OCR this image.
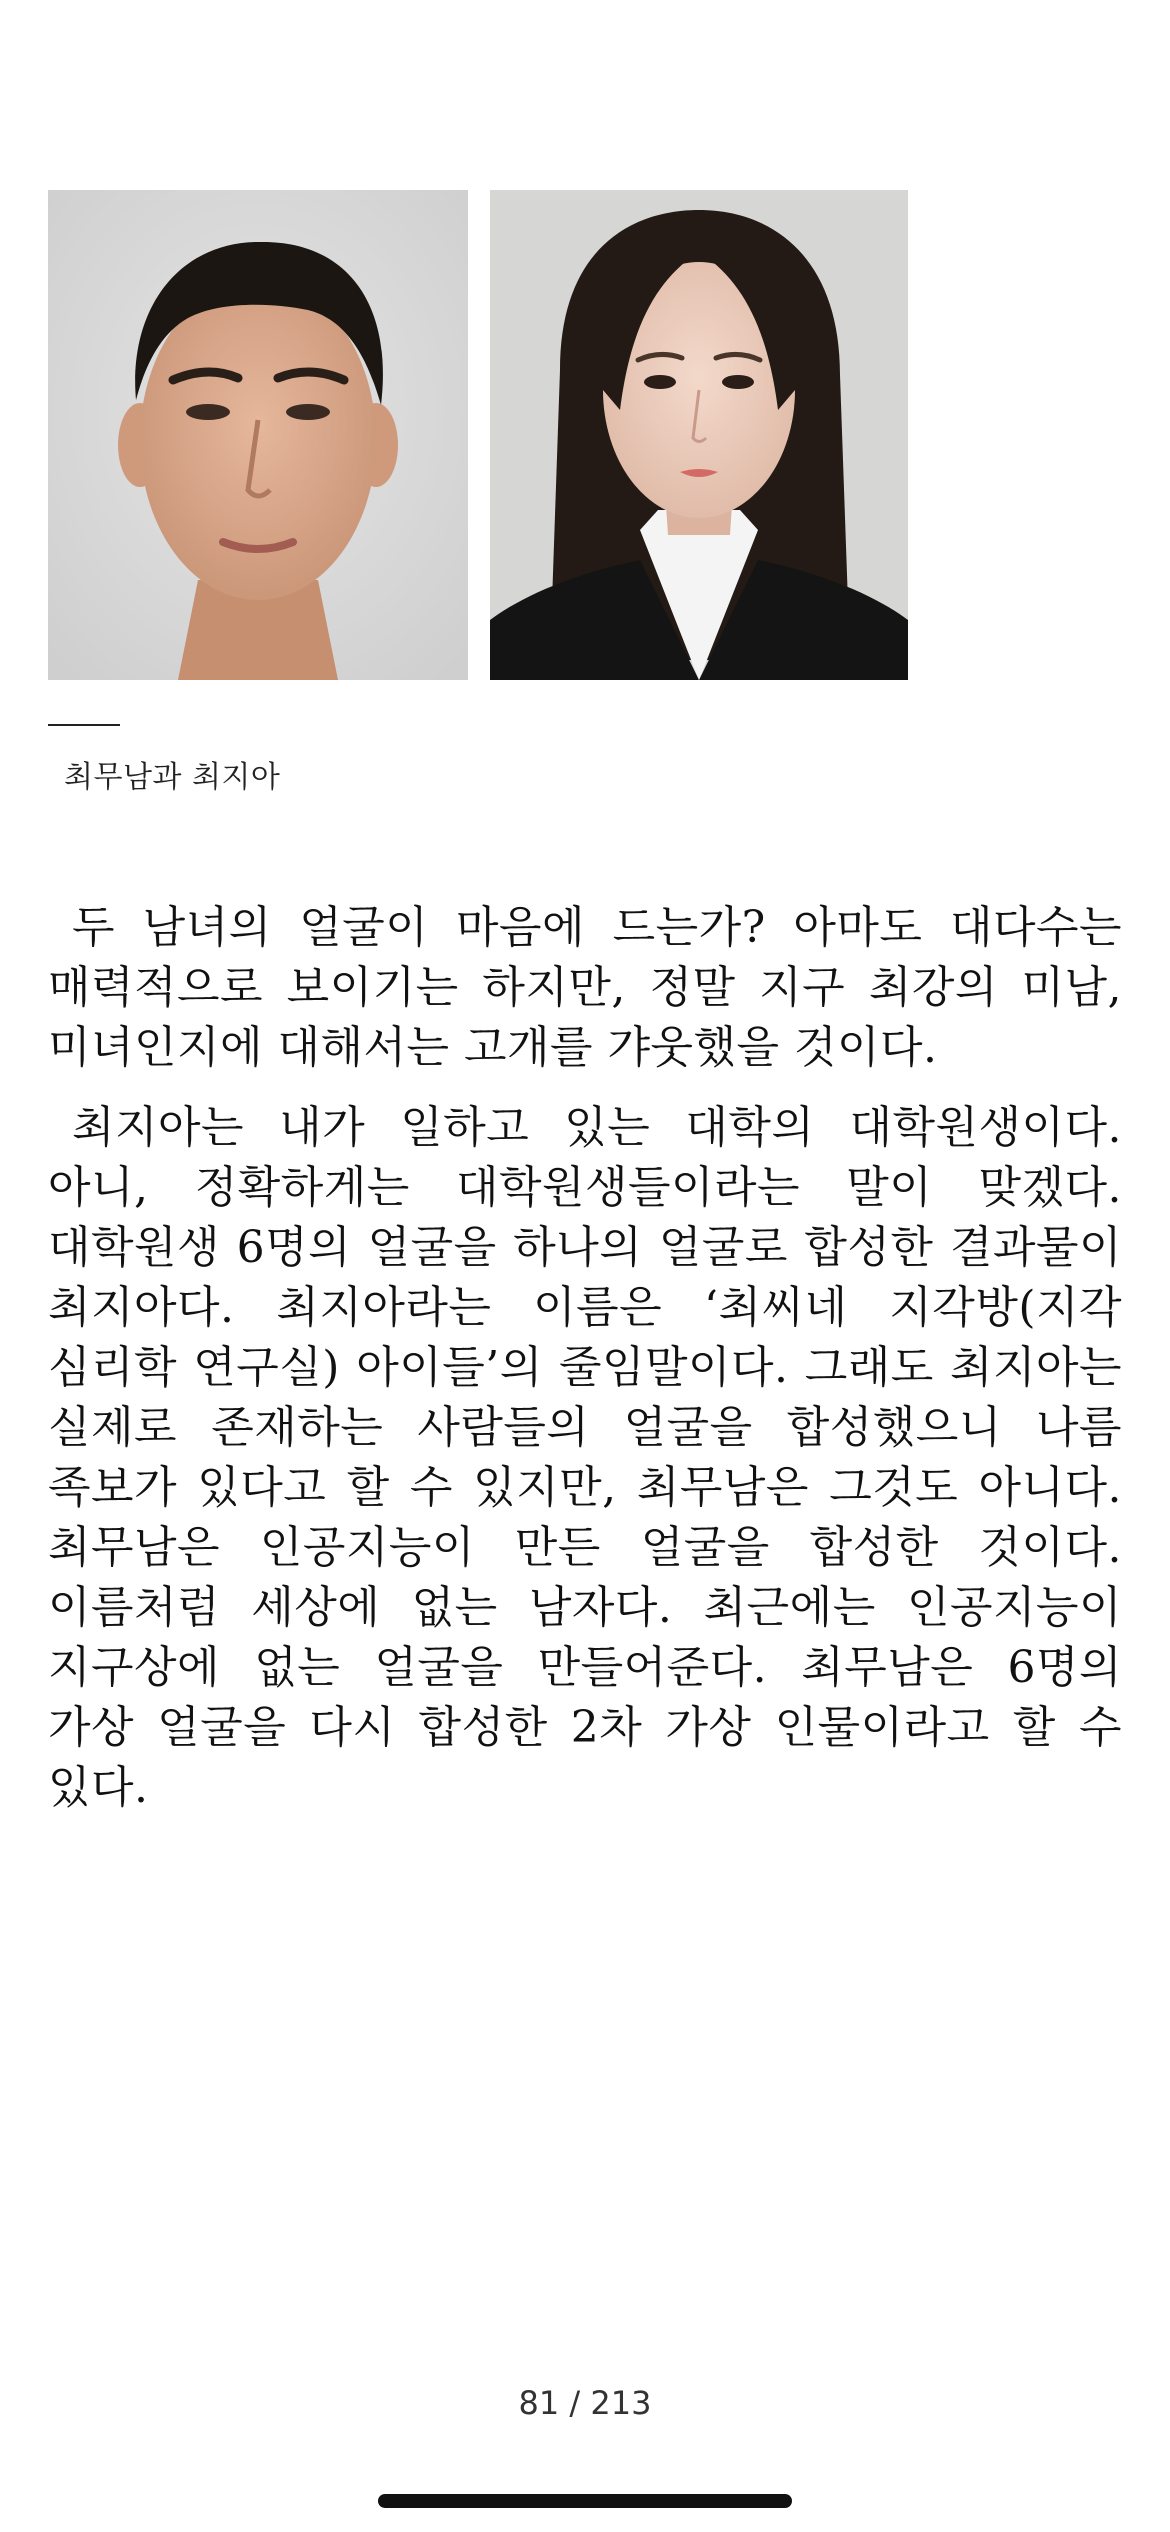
최무남과 최지아

두 남녀의 얼굴이 마음에 드는가? 아마도 대다수는 매력적으로 보이기는 하지만, 정말 지구 최강의 미남, 미녀인지에 대해서는 고개를 갸웃했을 것이다.

최지아는 내가 일하고 있는 대학의 대학원생이다. 아니, 정확하게는 대학원생들이라는 말이 맞겠다. 대학원생 6명의 얼굴을 하나의 얼굴로 합성한 결과물이 최지아다. 최지아라는 이름은 ‘최씨네 지각방(지각 심리학 연구실) 아이들’의 줄임말이다. 그래도 최지아는 실제로 존재하는 사람들의 얼굴을 합성했으니 나름 족보가 있다고 할 수 있지만, 최무남은 그것도 아니다. 최무남은 인공지능이 만든 얼굴을 합성한 것이다. 이름처럼 세상에 없는 남자다. 최근에는 인공지능이 지구상에 없는 얼굴을 만들어준다. 최무남은 6명의 가상 얼굴을 다시 합성한 2차 가상 인물이라고 할 수 있다.

81 / 213
